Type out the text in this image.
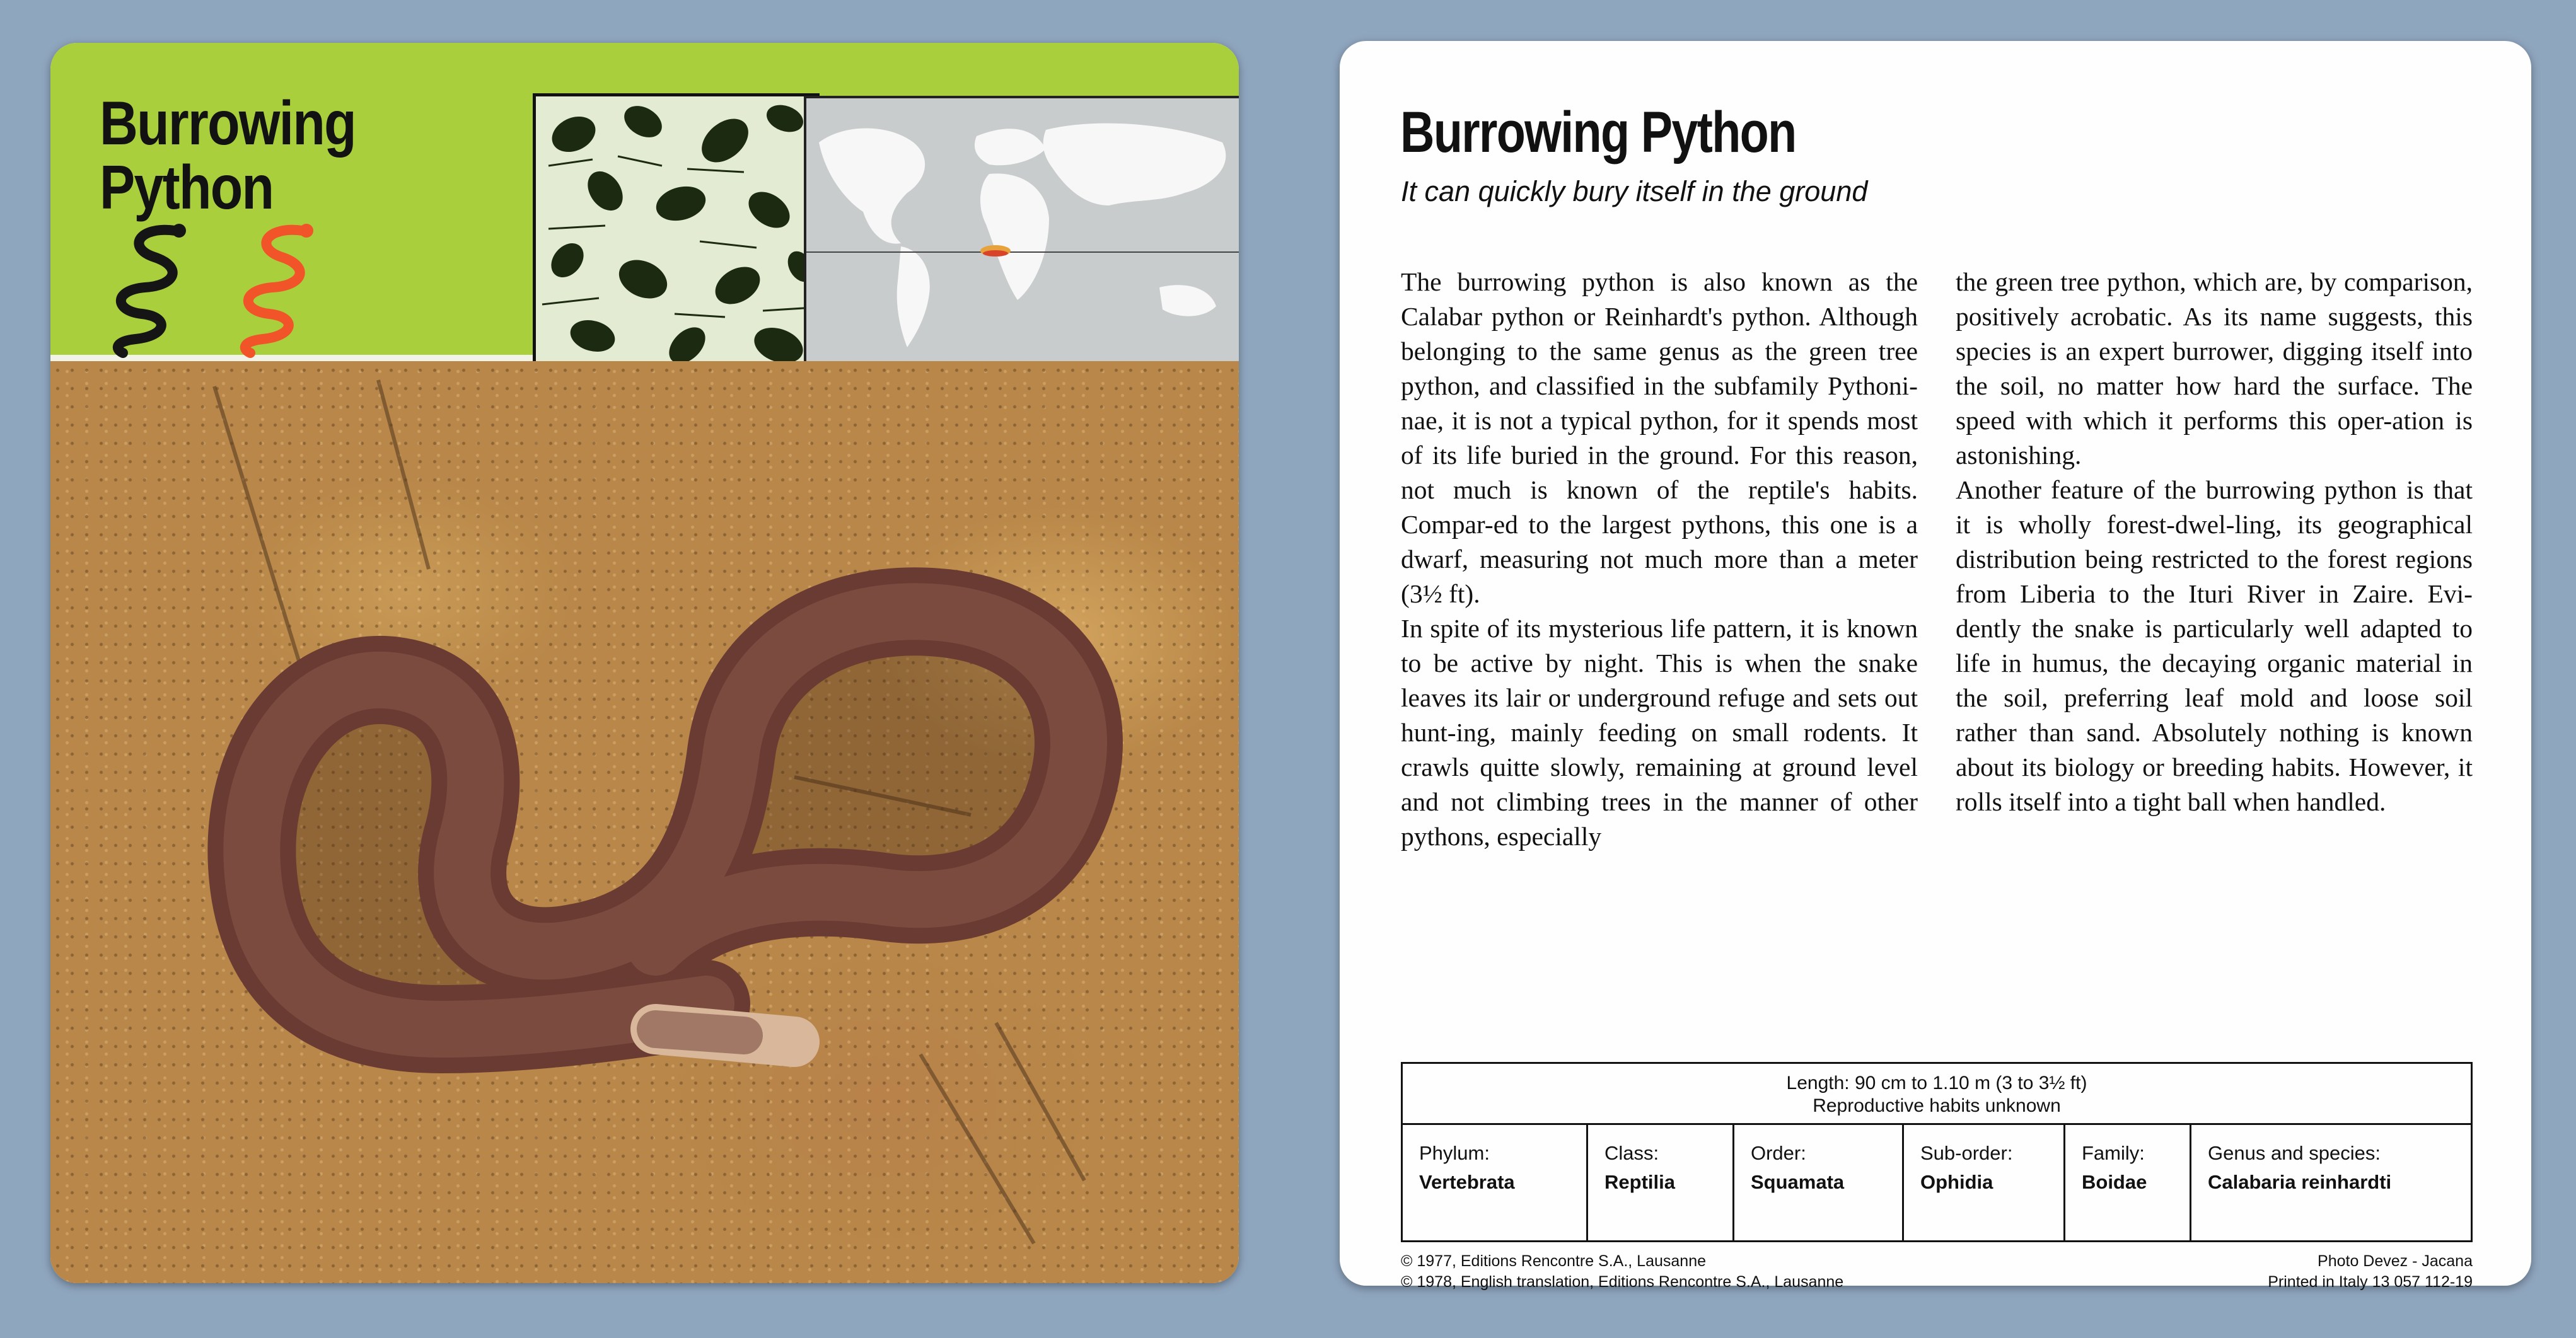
Burrowing
Python
Burrowing Python

It can quickly bury itself in the ground

The burrowing python is also known as the Calabar python or Reinhardt's python. Although belonging to the same genus as the green tree python, and classified in the subfamily Pythoni-nae, it is not a typical python, for it spends most of its life buried in the ground. For this reason, not much is known of the reptile's habits. Compar-ed to the largest pythons, this one is a dwarf, measuring not much more than a meter (3½ ft).

In spite of its mysterious life pattern, it is known to be active by night. This is when the snake leaves its lair or underground refuge and sets out hunt-ing, mainly feeding on small rodents. It crawls quitte slowly, remaining at ground level and not climbing trees in the manner of other pythons, especially

the green tree python, which are, by comparison, positively acrobatic. As its name suggests, this species is an expert burrower, digging itself into the soil, no matter how hard the surface. The speed with which it performs this oper-ation is astonishing.

Another feature of the burrowing python is that it is wholly forest-dwel-ling, its geographical distribution being restricted to the forest regions from Liberia to the Ituri River in Zaire. Evi-dently the snake is particularly well adapted to life in humus, the decaying organic material in the soil, preferring leaf mold and loose soil rather than sand. Absolutely nothing is known about its biology or breeding habits. However, it rolls itself into a tight ball when handled.

Length: 90 cm to 1.10 m (3 to 3½ ft)
Reproductive habits unknown
Phylum:
Vertebrata
Class:
Reptilia
Order:
Squamata
Sub-order:
Ophidia
Family:
Boidae
Genus and species:
Calabaria reinhardti
© 1977, Editions Rencontre S.A., Lausanne
© 1978, English translation, Editions Rencontre S.A., Lausanne
Photo Devez - Jacana
Printed in Italy 13 057 112-19
